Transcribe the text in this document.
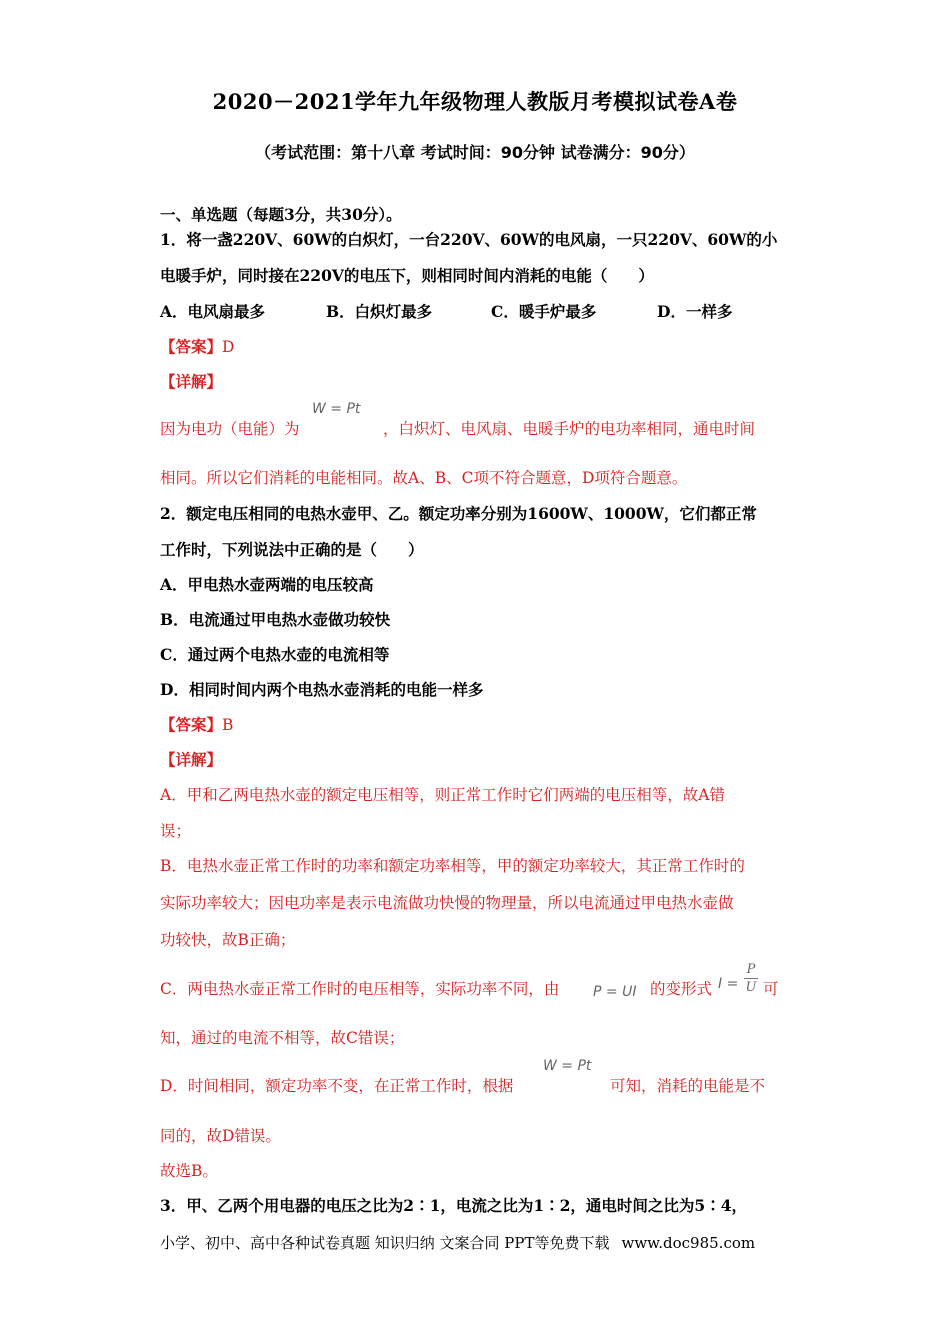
2020－2021学年九年级物理人教版月考模拟试卷A卷
（考试范围：第十八章 考试时间：90分钟 试卷满分：90分）
一、单选题（每题3分，共30分）。
1．将一盏220V、60W的白炽灯，一台220V、60W的电风扇，一只220V、60W的小
电暖手炉，同时接在220V的电压下，则相同时间内消耗的电能（　　）
A．电风扇最多	B．白炽灯最多	C．暖手炉最多	D．一样多
【答案】D
【详解】
因为电功（电能）为
W = Pt
，白炽灯、电风扇、电暖手炉的电功率相同，通电时间
相同。所以它们消耗的电能相同。故A、B、C项不符合题意，D项符合题意。
2．额定电压相同的电热水壶甲、乙。额定功率分别为1600W、1000W，它们都正常
工作时，下列说法中正确的是（　　）
A．甲电热水壶两端的电压较高
B．电流通过甲电热水壶做功较快
C．通过两个电热水壶的电流相等
D．相同时间内两个电热水壶消耗的电能一样多
【答案】B
【详解】
A．甲和乙两电热水壶的额定电压相等，则正常工作时它们两端的电压相等，故A错
误；
B．电热水壶正常工作时的功率和额定功率相等，甲的额定功率较大，其正常工作时的
实际功率较大；因电功率是表示电流做功快慢的物理量，所以电流通过甲电热水壶做
功较快，故B正确；
C．两电热水壶正常工作时的电压相等，实际功率不同，由 P = UI 的变形式 I =
P
U 可
知，通过的电流不相等，故C错误；
D．时间相同，额定功率不变，在正常工作时，根据
W = Pt
可知，消耗的电能是不
同的，故D错误。
故选B。
3．甲、乙两个用电器的电压之比为2∶1，电流之比为1∶2，通电时间之比为5∶4，
小学、初中、高中各种试卷真题 知识归纳 文案合同 PPT等免费下载 www.doc985.com
